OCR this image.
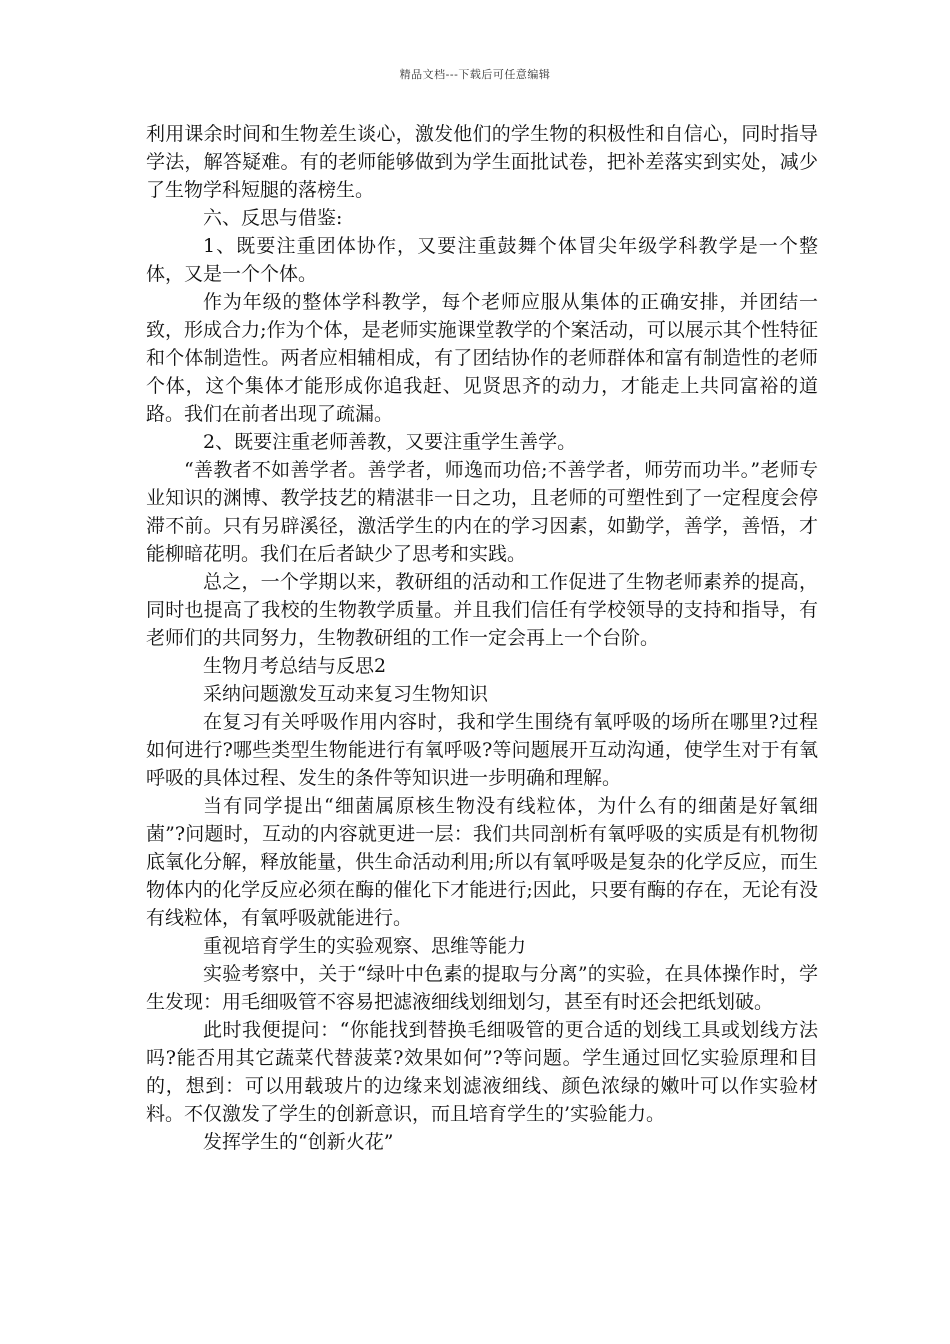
精品文档---下载后可任意编辑

利用课余时间和生物差生谈心，激发他们的学生物的积极性和自信心，同时指导学法，解答疑难。有的老师能够做到为学生面批试卷，把补差落实到实处，减少了生物学科短腿的落榜生。

六、反思与借鉴:

1、既要注重团体协作，又要注重鼓舞个体冒尖年级学科教学是一个整体，又是一个个体。

作为年级的整体学科教学，每个老师应服从集体的正确安排，并团结一致，形成合力;作为个体，是老师实施课堂教学的个案活动，可以展示其个性特征和个体制造性。两者应相辅相成，有了团结协作的老师群体和富有制造性的老师个体，这个集体才能形成你追我赶、见贤思齐的动力，才能走上共同富裕的道路。我们在前者出现了疏漏。

2、既要注重老师善教，又要注重学生善学。

“善教者不如善学者。善学者，师逸而功倍;不善学者，师劳而功半。”老师专业知识的渊博、教学技艺的精湛非一日之功，且老师的可塑性到了一定程度会停滞不前。只有另辟溪径，激活学生的内在的学习因素，如勤学，善学，善悟，才能柳暗花明。我们在后者缺少了思考和实践。

总之，一个学期以来，教研组的活动和工作促进了生物老师素养的提高，同时也提高了我校的生物教学质量。并且我们信任有学校领导的支持和指导，有老师们的共同努力，生物教研组的工作一定会再上一个台阶。

生物月考总结与反思2

采纳问题激发互动来复习生物知识

在复习有关呼吸作用内容时，我和学生围绕有氧呼吸的场所在哪里?过程如何进行?哪些类型生物能进行有氧呼吸?等问题展开互动沟通，使学生对于有氧呼吸的具体过程、发生的条件等知识进一步明确和理解。

当有同学提出“细菌属原核生物没有线粒体，为什么有的细菌是好氧细菌”?问题时，互动的内容就更进一层：我们共同剖析有氧呼吸的实质是有机物彻底氧化分解，释放能量，供生命活动利用;所以有氧呼吸是复杂的化学反应，而生物体内的化学反应必须在酶的催化下才能进行;因此，只要有酶的存在，无论有没有线粒体，有氧呼吸就能进行。

重视培育学生的实验观察、思维等能力

实验考察中，关于“绿叶中色素的提取与分离”的实验，在具体操作时，学生发现：用毛细吸管不容易把滤液细线划细划匀，甚至有时还会把纸划破。

此时我便提问：“你能找到替换毛细吸管的更合适的划线工具或划线方法吗?能否用其它蔬菜代替菠菜?效果如何”?等问题。学生通过回忆实验原理和目的，想到：可以用载玻片的边缘来划滤液细线、颜色浓绿的嫩叶可以作实验材料。不仅激发了学生的创新意识，而且培育学生的’实验能力。

发挥学生的“创新火花”
